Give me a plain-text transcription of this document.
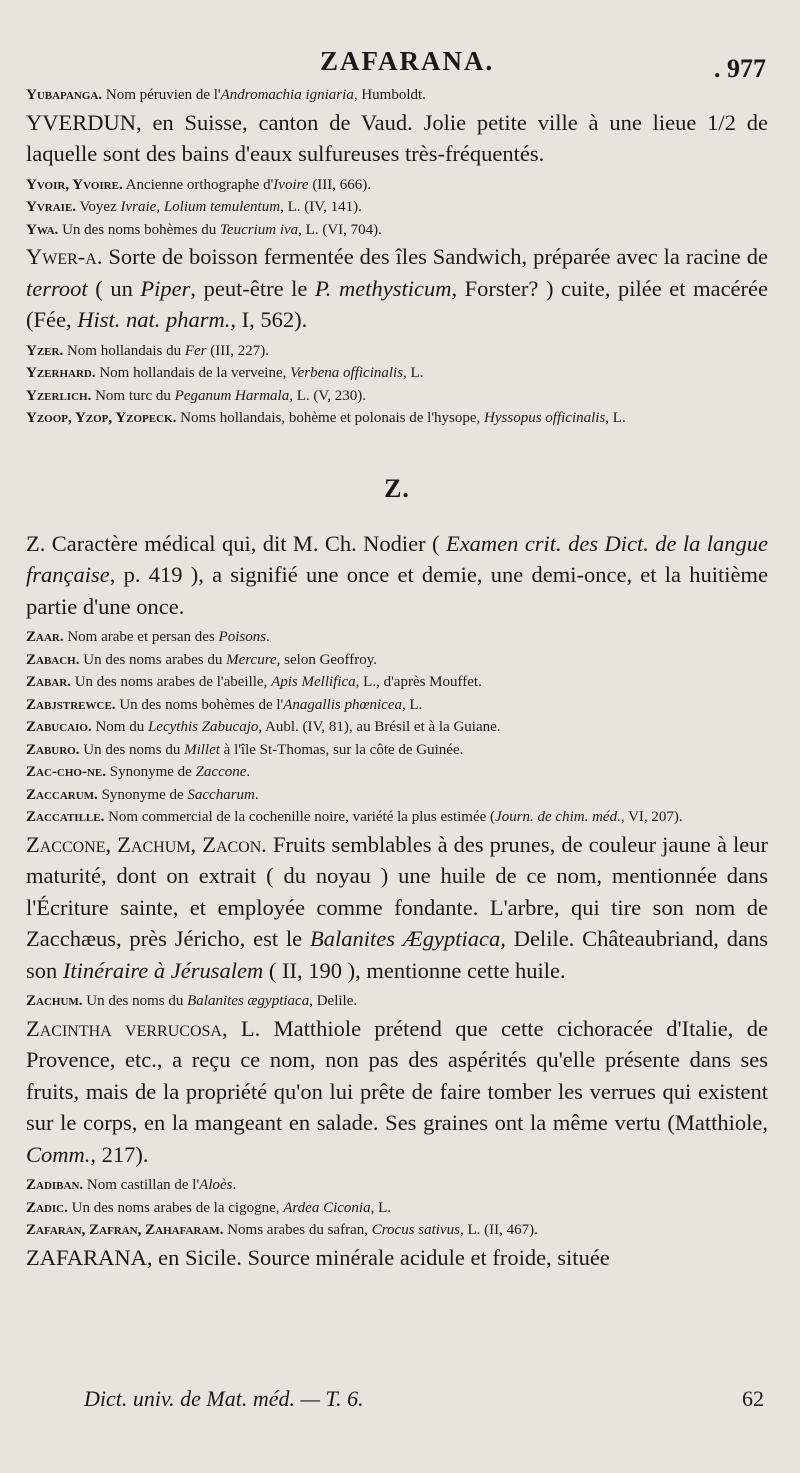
ZAFARANA.	. 977

Yubapanga. Nom péruvien de l'Andromachia igniaria, Humboldt.

YVERDUN, en Suisse, canton de Vaud. Jolie petite ville à une lieue 1/2 de laquelle sont des bains d'eaux sulfureuses très-fréquentés.

Yvoir, Yvoire. Ancienne orthographe d'Ivoire (III, 666).

Yvraie. Voyez Ivraie, Lolium temulentum, L. (IV, 141).

Ywa. Un des noms bohèmes du Teucrium iva, L. (VI, 704).

Ywer-a. Sorte de boisson fermentée des îles Sandwich, préparée avec la racine de terroot ( un Piper, peut-être le P. methysticum, Forster? ) cuite, pilée et macérée (Fée, Hist. nat. pharm., I, 562).

Yzer. Nom hollandais du Fer (III, 227).

Yzerhard. Nom hollandais de la verveine, Verbena officinalis, L.

Yzerlich. Nom turc du Peganum Harmala, L. (V, 230).

Yzoop, Yzop, Yzopeck. Noms hollandais, bohème et polonais de l'hysope, Hyssopus officinalis, L.

Z.

Z. Caractère médical qui, dit M. Ch. Nodier ( Examen crit. des Dict. de la langue française, p. 419 ), a signifié une once et demie, une demi-once, et la huitième partie d'une once.

Zaar. Nom arabe et persan des Poisons.

Zabach. Un des noms arabes du Mercure, selon Geoffroy.

Zabar. Un des noms arabes de l'abeille, Apis Mellifica, L., d'après Mouffet.

Zabjstrewce. Un des noms bohèmes de l'Anagallis phœnicea, L.

Zabucaio. Nom du Lecythis Zabucajo, Aubl. (IV, 81), au Brésil et à la Guiane.

Zaburo. Un des noms du Millet à l'île St-Thomas, sur la côte de Guinée.

Zac-cho-ne. Synonyme de Zaccone.

Zaccarum. Synonyme de Saccharum.

Zaccatille. Nom commercial de la cochenille noire, variété la plus estimée (Journ. de chim. méd., VI, 207).

Zaccone, Zachum, Zacon. Fruits semblables à des prunes, de couleur jaune à leur maturité, dont on extrait ( du noyau ) une huile de ce nom, mentionnée dans l'Écriture sainte, et employée comme fondante. L'arbre, qui tire son nom de Zacchæus, près Jéricho, est le Balanites Ægyptiaca, Delile. Châteaubriand, dans son Itinéraire à Jérusalem ( II, 190 ), mentionne cette huile.

Zachum. Un des noms du Balanites ægyptiaca, Delile.

Zacintha verrucosa, L. Matthiole prétend que cette cichoracée d'Italie, de Provence, etc., a reçu ce nom, non pas des aspérités qu'elle présente dans ses fruits, mais de la propriété qu'on lui prête de faire tomber les verrues qui existent sur le corps, en la mangeant en salade. Ses graines ont la même vertu (Matthiole, Comm., 217).

Zadiban. Nom castillan de l'Aloès.

Zadic. Un des noms arabes de la cigogne, Ardea Ciconia, L.

Zafaran, Zafran, Zahafaram. Noms arabes du safran, Crocus sativus, L. (II, 467).

ZAFARANA, en Sicile. Source minérale acidule et froide, située

Dict. univ. de Mat. méd. — T. 6.	62
